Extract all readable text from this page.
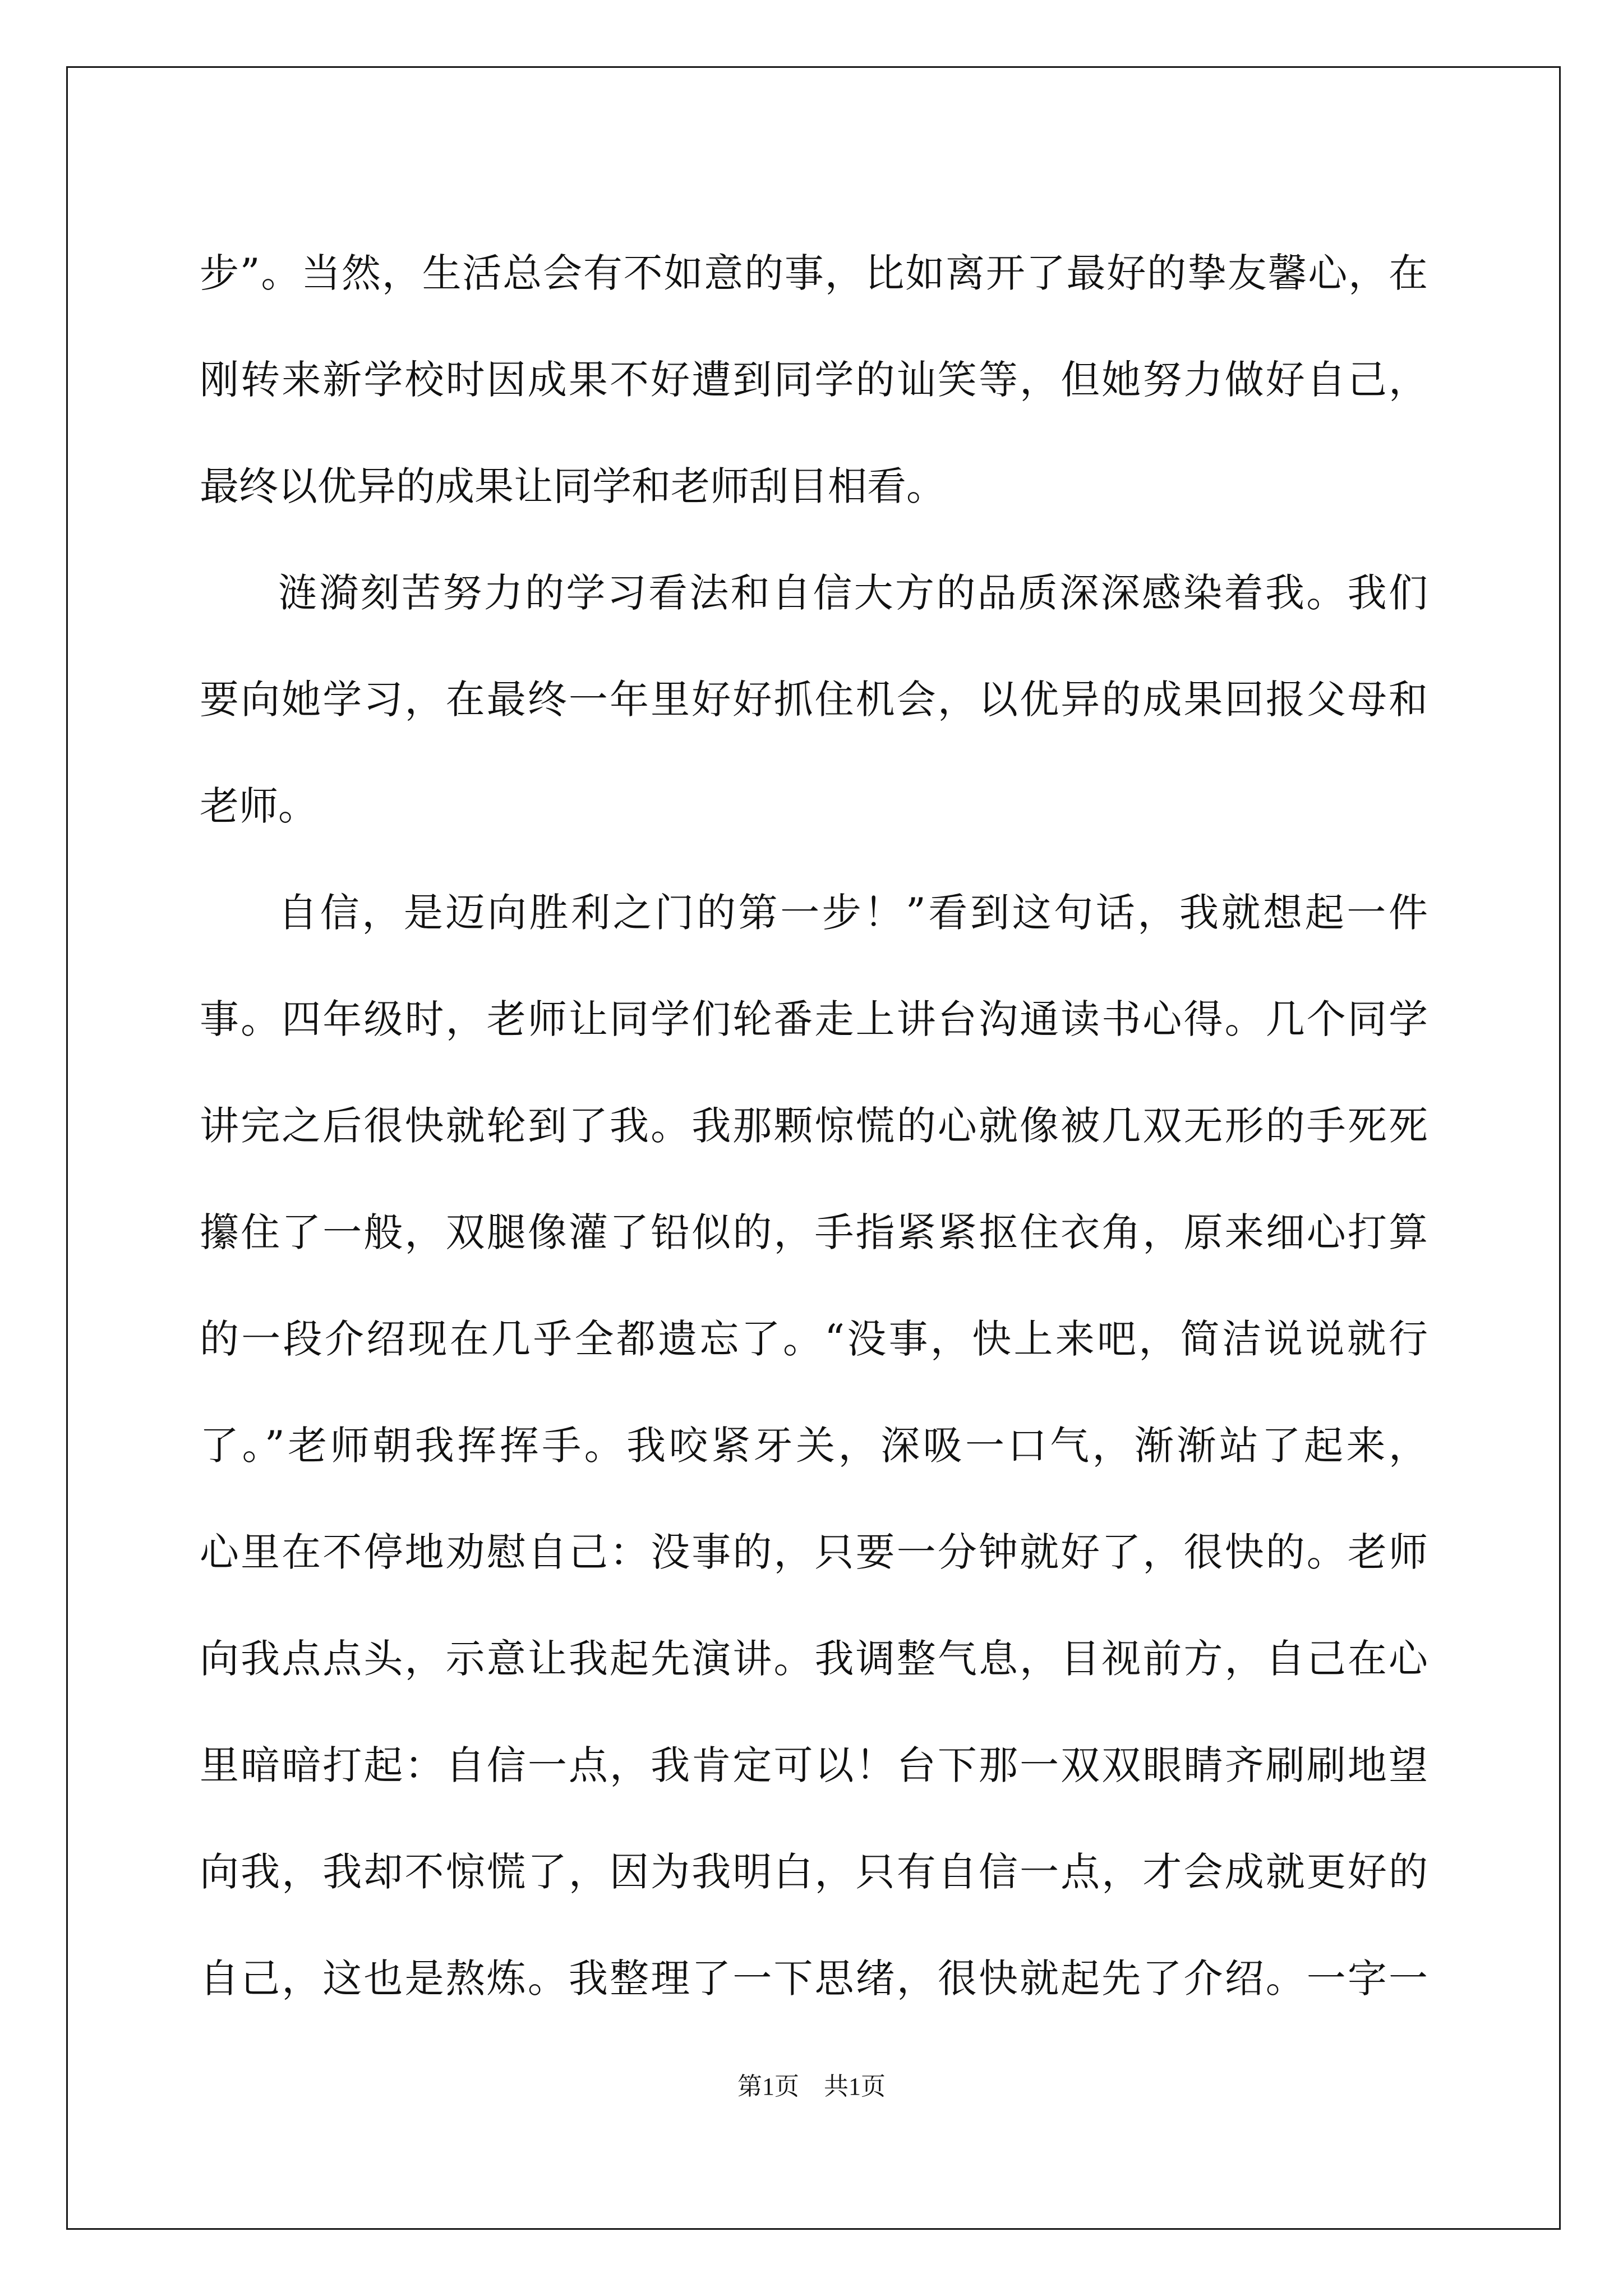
步”。当然，生活总会有不如意的事，比如离开了最好的挚友馨心，在
刚转来新学校时因成果不好遭到同学的讪笑等，但她努力做好自己，
最终以优异的成果让同学和老师刮目相看。
涟漪刻苦努力的学习看法和自信大方的品质深深感染着我。我们
要向她学习，在最终一年里好好抓住机会，以优异的成果回报父母和
老师。
自信，是迈向胜利之门的第一步！”看到这句话，我就想起一件
事。四年级时，老师让同学们轮番走上讲台沟通读书心得。几个同学
讲完之后很快就轮到了我。我那颗惊慌的心就像被几双无形的手死死
攥住了一般，双腿像灌了铅似的，手指紧紧抠住衣角，原来细心打算
的一段介绍现在几乎全都遗忘了。“没事，快上来吧，简洁说说就行
了。”老师朝我挥挥手。我咬紧牙关，深吸一口气，渐渐站了起来，
心里在不停地劝慰自己：没事的，只要一分钟就好了，很快的。老师
向我点点头，示意让我起先演讲。我调整气息，目视前方，自己在心
里暗暗打起：自信一点，我肯定可以！台下那一双双眼睛齐刷刷地望
向我，我却不惊慌了，因为我明白，只有自信一点，才会成就更好的
自己，这也是熬炼。我整理了一下思绪，很快就起先了介绍。一字一
第1页 共1页
